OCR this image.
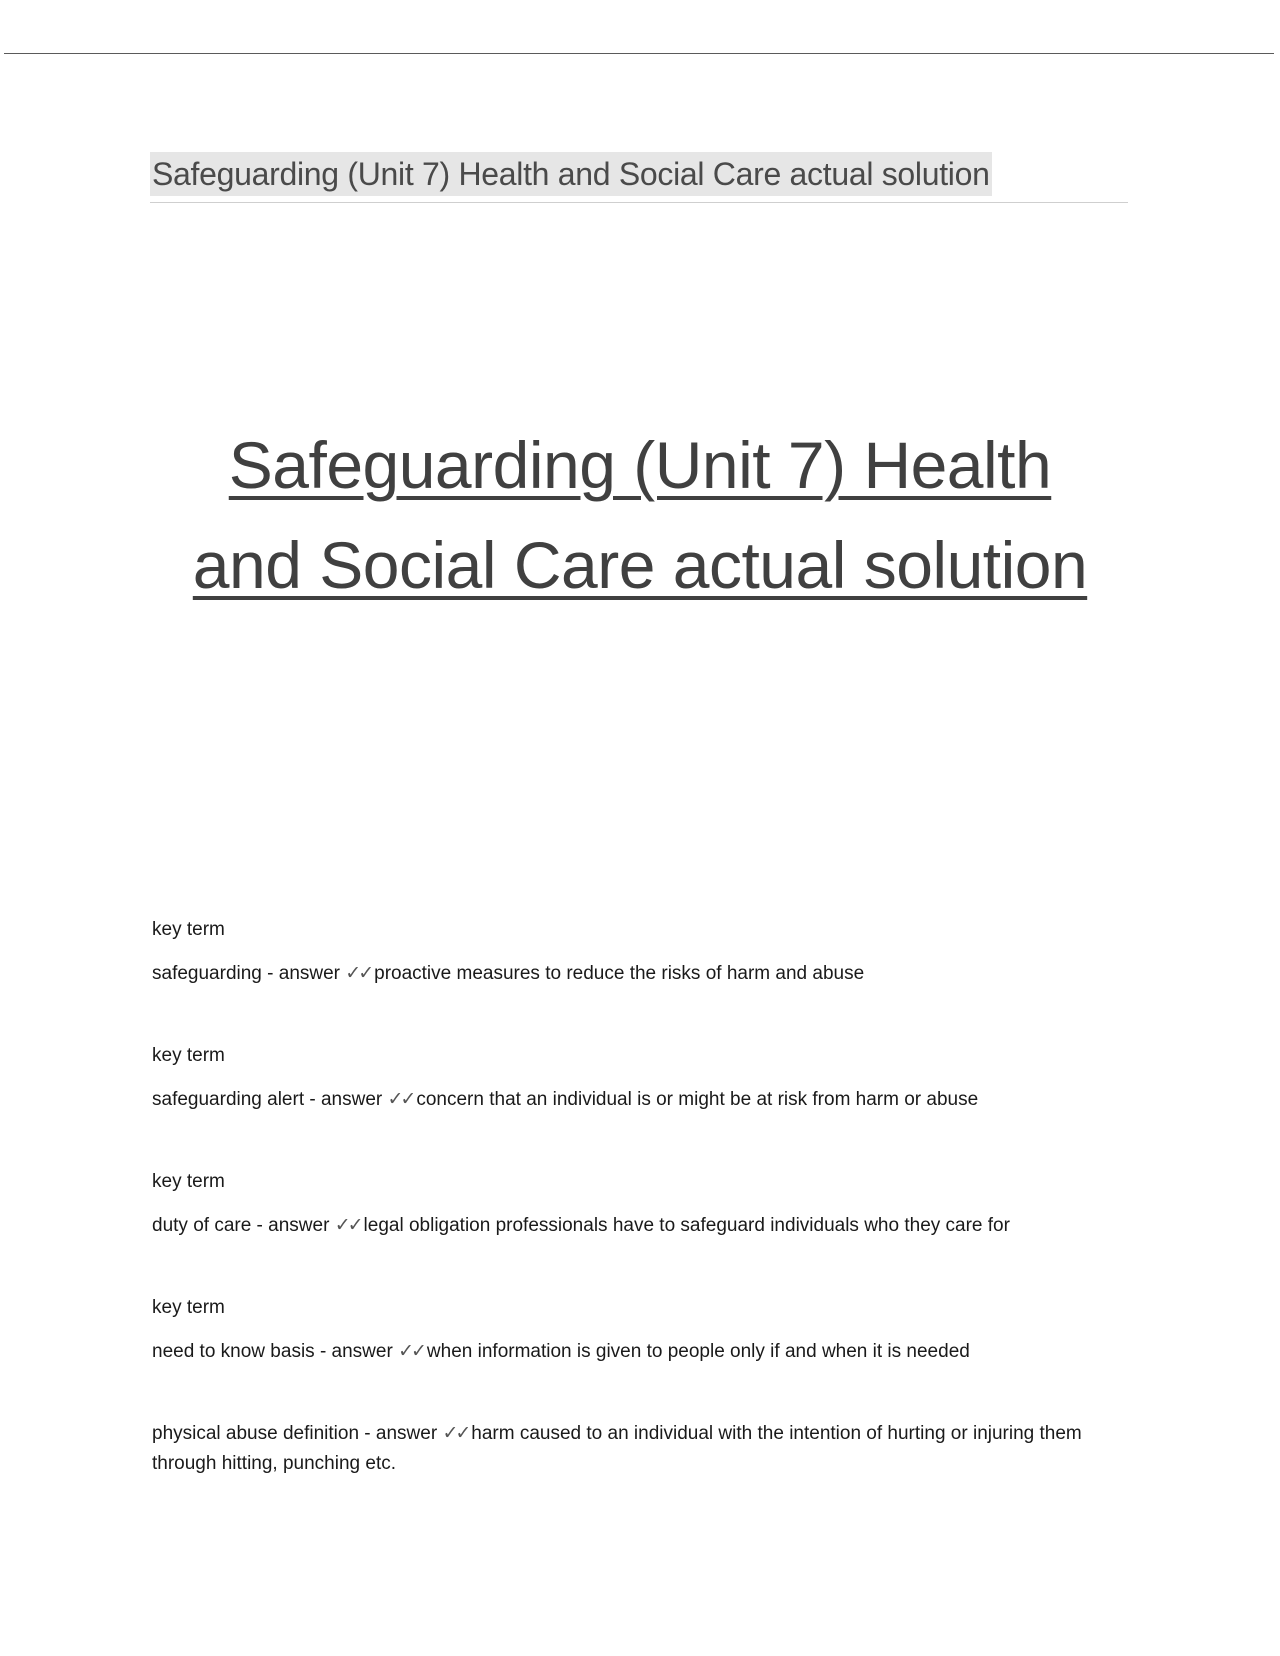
Safeguarding (Unit 7) Health and Social Care actual solution
Safeguarding (Unit 7) Health
and Social Care actual solution
key term
safeguarding - answer ✓✓ proactive measures to reduce the risks of harm and abuse
key term
safeguarding alert - answer ✓✓ concern that an individual is or might be at risk from harm or abuse
key term
duty of care - answer ✓✓ legal obligation professionals have to safeguard individuals who they care for
key term
need to know basis - answer ✓✓ when information is given to people only if and when it is needed
physical abuse definition - answer ✓✓ harm caused to an individual with the intention of hurting or injuring them through hitting, punching etc.
